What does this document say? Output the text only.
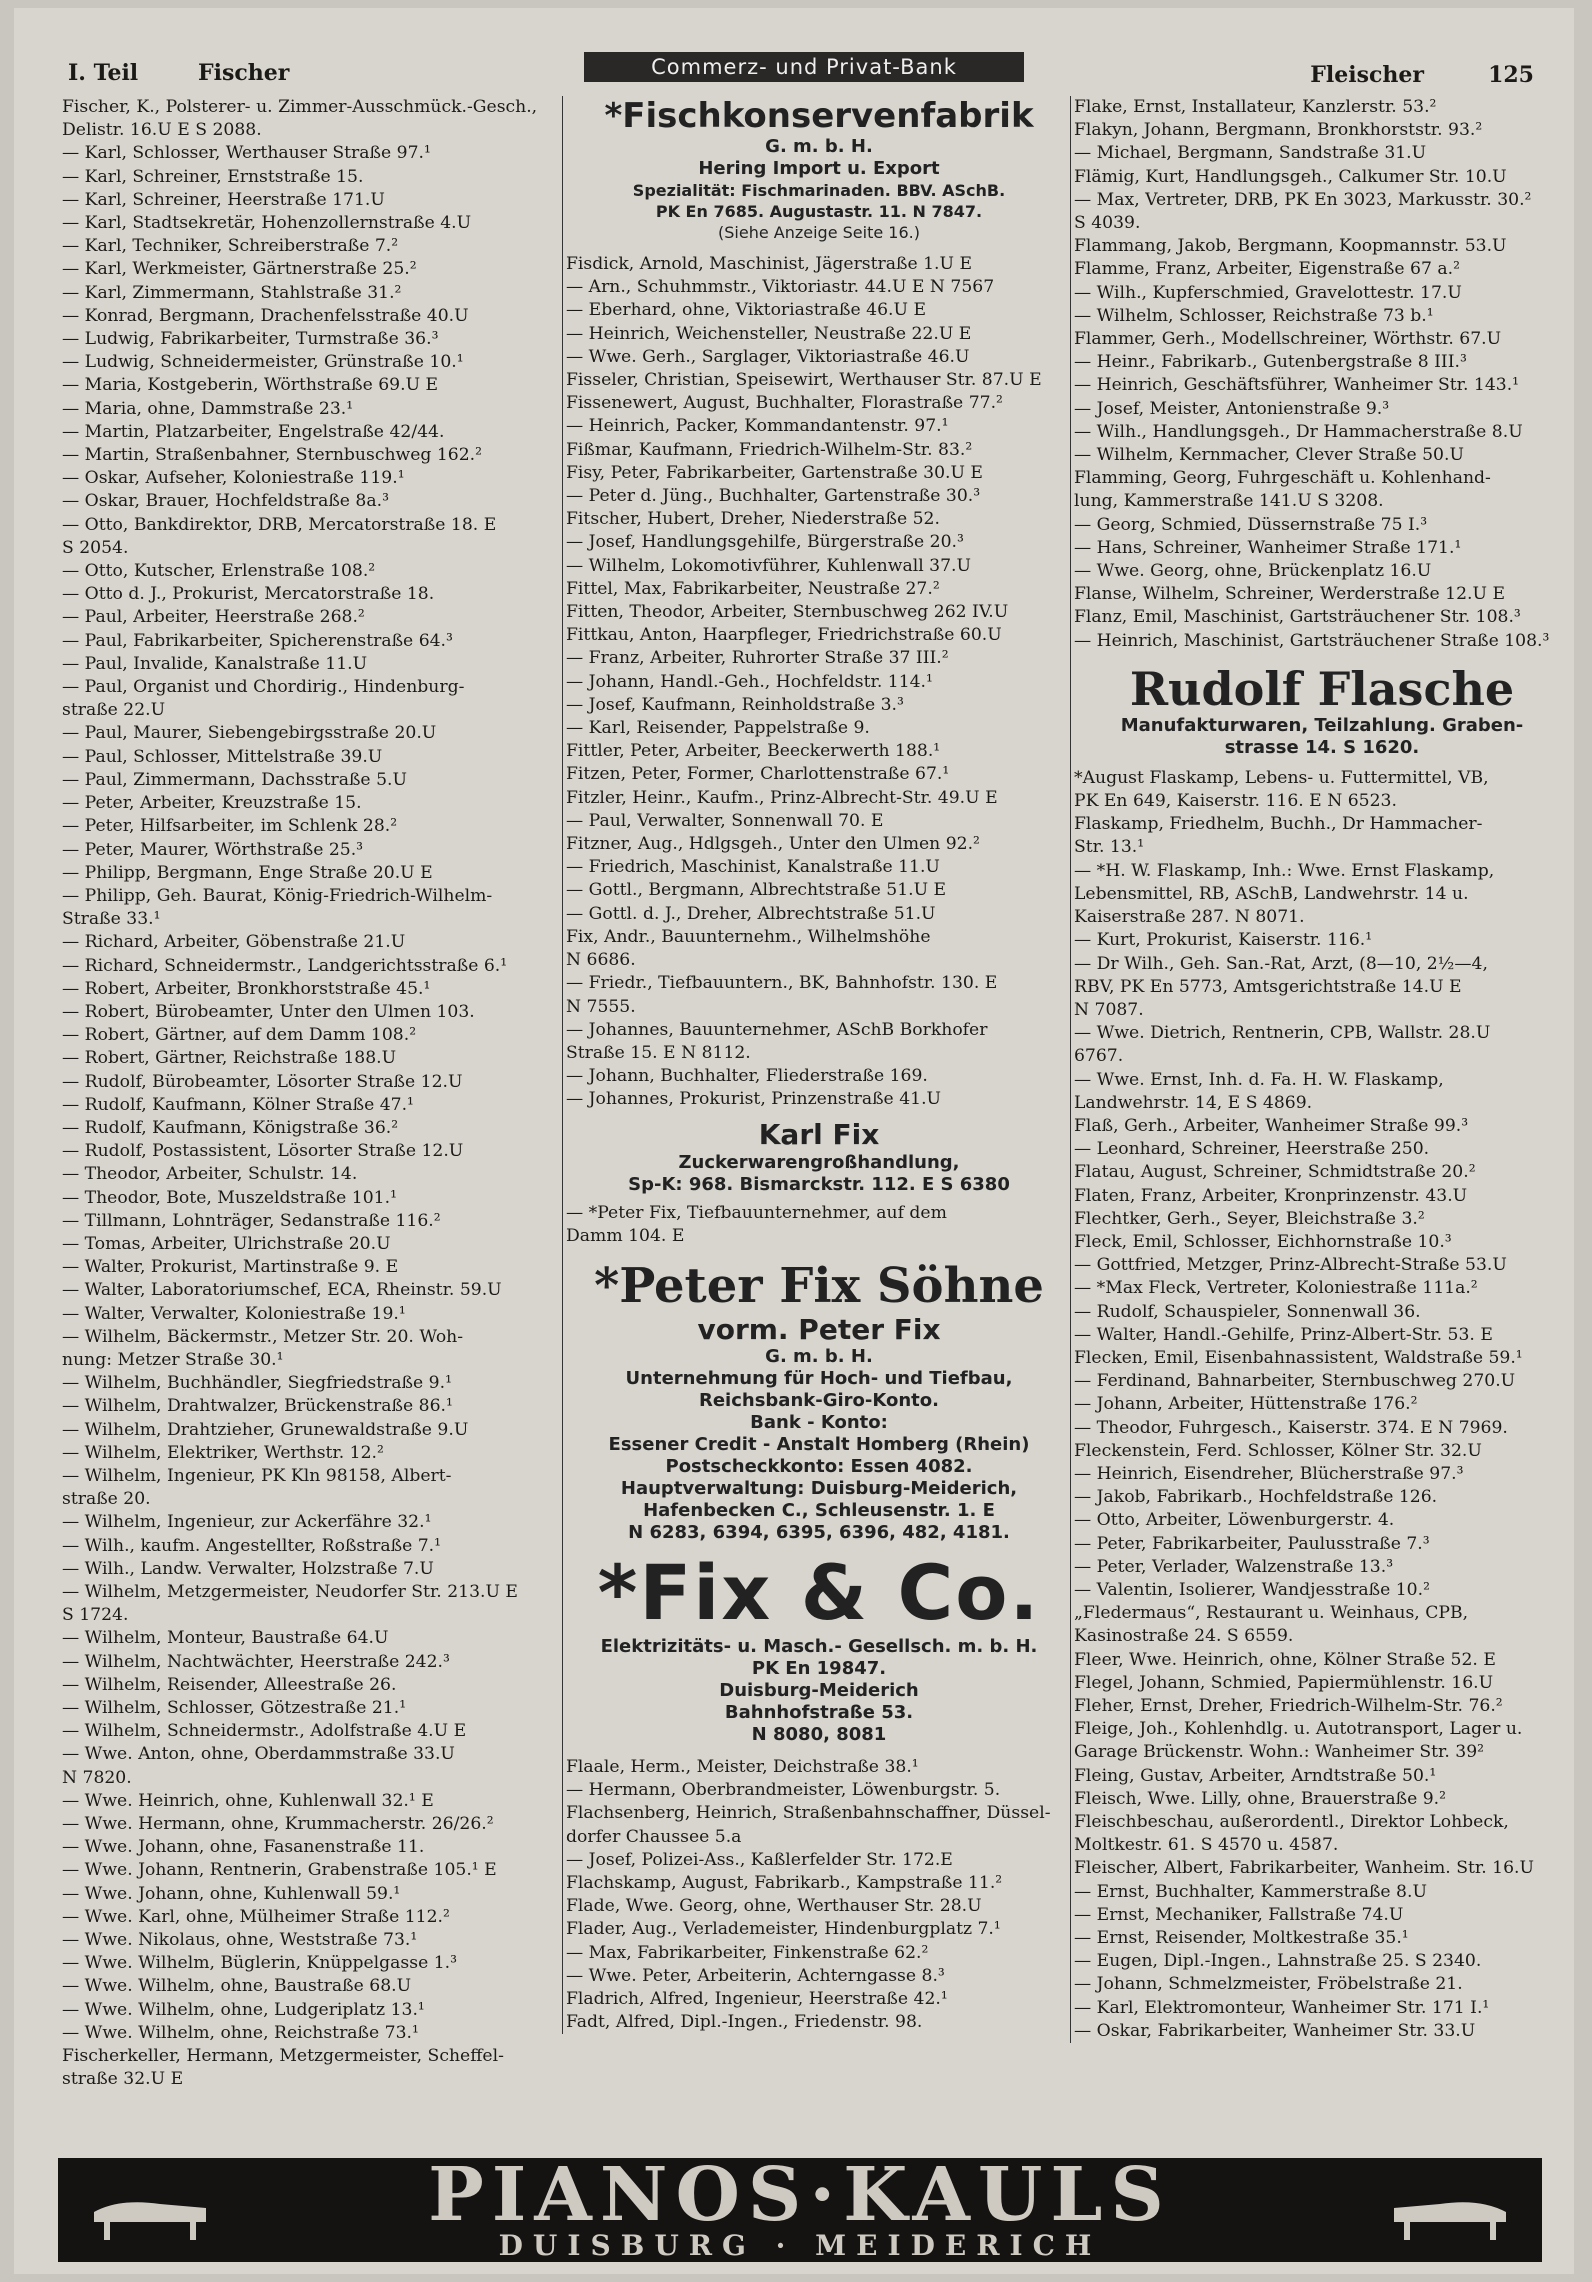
I. Teil	Fischer	Fleischer	125
Commerz- und Privat-Bank
Fischer, K., Polsterer- u. Zimmer-Ausschmück.-Gesch.,
Delistr. 16.U E S 2088.
— Karl, Schlosser, Werthauser Straße 97.¹
— Karl, Schreiner, Ernststraße 15.
— Karl, Schreiner, Heerstraße 171.U
— Karl, Stadtsekretär, Hohenzollernstraße 4.U
— Karl, Techniker, Schreiberstraße 7.²
— Karl, Werkmeister, Gärtnerstraße 25.²
— Karl, Zimmermann, Stahlstraße 31.²
— Konrad, Bergmann, Drachenfelsstraße 40.U
— Ludwig, Fabrikarbeiter, Turmstraße 36.³
— Ludwig, Schneidermeister, Grünstraße 10.¹
— Maria, Kostgeberin, Wörthstraße 69.U E
— Maria, ohne, Dammstraße 23.¹
— Martin, Platzarbeiter, Engelstraße 42/44.
— Martin, Straßenbahner, Sternbuschweg 162.²
— Oskar, Aufseher, Koloniestraße 119.¹
— Oskar, Brauer, Hochfeldstraße 8a.³
— Otto, Bankdirektor, DRB, Mercatorstraße 18. E
S 2054.
— Otto, Kutscher, Erlenstraße 108.²
— Otto d. J., Prokurist, Mercatorstraße 18.
— Paul, Arbeiter, Heerstraße 268.²
— Paul, Fabrikarbeiter, Spicherenstraße 64.³
— Paul, Invalide, Kanalstraße 11.U
— Paul, Organist und Chordirig., Hindenburg-
straße 22.U
— Paul, Maurer, Siebengebirgsstraße 20.U
— Paul, Schlosser, Mittelstraße 39.U
— Paul, Zimmermann, Dachsstraße 5.U
— Peter, Arbeiter, Kreuzstraße 15.
— Peter, Hilfsarbeiter, im Schlenk 28.²
— Peter, Maurer, Wörthstraße 25.³
— Philipp, Bergmann, Enge Straße 20.U E
— Philipp, Geh. Baurat, König-Friedrich-Wilhelm-
Straße 33.¹
— Richard, Arbeiter, Göbenstraße 21.U
— Richard, Schneidermstr., Landgerichtsstraße 6.¹
— Robert, Arbeiter, Bronkhorststraße 45.¹
— Robert, Bürobeamter, Unter den Ulmen 103.
— Robert, Gärtner, auf dem Damm 108.²
— Robert, Gärtner, Reichstraße 188.U
— Rudolf, Bürobeamter, Lösorter Straße 12.U
— Rudolf, Kaufmann, Kölner Straße 47.¹
— Rudolf, Kaufmann, Königstraße 36.²
— Rudolf, Postassistent, Lösorter Straße 12.U
— Theodor, Arbeiter, Schulstr. 14.
— Theodor, Bote, Muszeldstraße 101.¹
— Tillmann, Lohnträger, Sedanstraße 116.²
— Tomas, Arbeiter, Ulrichstraße 20.U
— Walter, Prokurist, Martinstraße 9. E
— Walter, Laboratoriumschef, ECA, Rheinstr. 59.U
— Walter, Verwalter, Koloniestraße 19.¹
— Wilhelm, Bäckermstr., Metzer Str. 20. Woh-
nung: Metzer Straße 30.¹
— Wilhelm, Buchhändler, Siegfriedstraße 9.¹
— Wilhelm, Drahtwalzer, Brückenstraße 86.¹
— Wilhelm, Drahtzieher, Grunewaldstraße 9.U
— Wilhelm, Elektriker, Werthstr. 12.²
— Wilhelm, Ingenieur, PK Kln 98158, Albert-
straße 20.
— Wilhelm, Ingenieur, zur Ackerfähre 32.¹
— Wilh., kaufm. Angestellter, Roßstraße 7.¹
— Wilh., Landw. Verwalter, Holzstraße 7.U
— Wilhelm, Metzgermeister, Neudorfer Str. 213.U E
S 1724.
— Wilhelm, Monteur, Baustraße 64.U
— Wilhelm, Nachtwächter, Heerstraße 242.³
— Wilhelm, Reisender, Alleestraße 26.
— Wilhelm, Schlosser, Götzestraße 21.¹
— Wilhelm, Schneidermstr., Adolfstraße 4.U E
— Wwe. Anton, ohne, Oberdammstraße 33.U
N 7820.
— Wwe. Heinrich, ohne, Kuhlenwall 32.¹ E
— Wwe. Hermann, ohne, Krummacherstr. 26/26.²
— Wwe. Johann, ohne, Fasanenstraße 11.
— Wwe. Johann, Rentnerin, Grabenstraße 105.¹ E
— Wwe. Johann, ohne, Kuhlenwall 59.¹
— Wwe. Karl, ohne, Mülheimer Straße 112.²
— Wwe. Nikolaus, ohne, Weststraße 73.¹
— Wwe. Wilhelm, Büglerin, Knüppelgasse 1.³
— Wwe. Wilhelm, ohne, Baustraße 68.U
— Wwe. Wilhelm, ohne, Ludgeriplatz 13.¹
— Wwe. Wilhelm, ohne, Reichstraße 73.¹
Fischerkeller, Hermann, Metzgermeister, Scheffel-
straße 32.U E
*Fischkonservenfabrik
G. m. b. H.
Hering Import u. Export
Spezialität: Fischmarinaden. BBV. ASchB.
PK En 7685. Augustastr. 11. N 7847.
(Siehe Anzeige Seite 16.)
Fisdick, Arnold, Maschinist, Jägerstraße 1.U E
— Arn., Schuhmmstr., Viktoriastr. 44.U E N 7567
— Eberhard, ohne, Viktoriastraße 46.U E
— Heinrich, Weichensteller, Neustraße 22.U E
— Wwe. Gerh., Sarglager, Viktoriastraße 46.U
Fisseler, Christian, Speisewirt, Werthauser Str. 87.U E
Fissenewert, August, Buchhalter, Florastraße 77.²
— Heinrich, Packer, Kommandantenstr. 97.¹
Fißmar, Kaufmann, Friedrich-Wilhelm-Str. 83.²
Fisy, Peter, Fabrikarbeiter, Gartenstraße 30.U E
— Peter d. Jüng., Buchhalter, Gartenstraße 30.³
Fitscher, Hubert, Dreher, Niederstraße 52.
— Josef, Handlungsgehilfe, Bürgerstraße 20.³
— Wilhelm, Lokomotivführer, Kuhlenwall 37.U
Fittel, Max, Fabrikarbeiter, Neustraße 27.²
Fitten, Theodor, Arbeiter, Sternbuschweg 262 IV.U
Fittkau, Anton, Haarpfleger, Friedrichstraße 60.U
— Franz, Arbeiter, Ruhrorter Straße 37 III.²
— Johann, Handl.-Geh., Hochfeldstr. 114.¹
— Josef, Kaufmann, Reinholdstraße 3.³
— Karl, Reisender, Pappelstraße 9.
Fittler, Peter, Arbeiter, Beeckerwerth 188.¹
Fitzen, Peter, Former, Charlottenstraße 67.¹
Fitzler, Heinr., Kaufm., Prinz-Albrecht-Str. 49.U E
— Paul, Verwalter, Sonnenwall 70. E
Fitzner, Aug., Hdlgsgeh., Unter den Ulmen 92.²
— Friedrich, Maschinist, Kanalstraße 11.U
— Gottl., Bergmann, Albrechtstraße 51.U E
— Gottl. d. J., Dreher, Albrechtstraße 51.U
Fix, Andr., Bauunternehm., Wilhelmshöhe
N 6686.
— Friedr., Tiefbauuntern., BK, Bahnhofstr. 130. E
N 7555.
— Johannes, Bauunternehmer, ASchB Borkhofer
Straße 15. E N 8112.
— Johann, Buchhalter, Fliederstraße 169.
— Johannes, Prokurist, Prinzenstraße 41.U
Karl Fix
Zuckerwarengroßhandlung,
Sp-K: 968. Bismarckstr. 112. E S 6380
— *Peter Fix, Tiefbauunternehmer, auf dem
Damm 104. E
*Peter Fix Söhne
vorm. Peter Fix
G. m. b. H.
Unternehmung für Hoch- und Tiefbau,
Reichsbank-Giro-Konto.
Bank - Konto:
Essener Credit - Anstalt Homberg (Rhein)
Postscheckkonto: Essen 4082.
Hauptverwaltung: Duisburg-Meiderich,
Hafenbecken C., Schleusenstr. 1. E
N 6283, 6394, 6395, 6396, 482, 4181.
*Fix & Co.
Elektrizitäts- u. Masch.- Gesellsch. m. b. H.
PK En 19847.
Duisburg-Meiderich
Bahnhofstraße 53.
N 8080, 8081
Flaale, Herm., Meister, Deichstraße 38.¹
— Hermann, Oberbrandmeister, Löwenburgstr. 5.
Flachsenberg, Heinrich, Straßenbahnschaffner, Düssel-
dorfer Chaussee 5.a
— Josef, Polizei-Ass., Kaßlerfelder Str. 172.E
Flachskamp, August, Fabrikarb., Kampstraße 11.²
Flade, Wwe. Georg, ohne, Werthauser Str. 28.U
Flader, Aug., Verlademeister, Hindenburgplatz 7.¹
— Max, Fabrikarbeiter, Finkenstraße 62.²
— Wwe. Peter, Arbeiterin, Achterngasse 8.³
Fladrich, Alfred, Ingenieur, Heerstraße 42.¹
Fadt, Alfred, Dipl.-Ingen., Friedenstr. 98.
Flake, Ernst, Installateur, Kanzlerstr. 53.²
Flakyn, Johann, Bergmann, Bronkhorststr. 93.²
— Michael, Bergmann, Sandstraße 31.U
Flämig, Kurt, Handlungsgeh., Calkumer Str. 10.U
— Max, Vertreter, DRB, PK En 3023, Markusstr. 30.²
S 4039.
Flammang, Jakob, Bergmann, Koopmannstr. 53.U
Flamme, Franz, Arbeiter, Eigenstraße 67 a.²
— Wilh., Kupferschmied, Gravelottestr. 17.U
— Wilhelm, Schlosser, Reichstraße 73 b.¹
Flammer, Gerh., Modellschreiner, Wörthstr. 67.U
— Heinr., Fabrikarb., Gutenbergstraße 8 III.³
— Heinrich, Geschäftsführer, Wanheimer Str. 143.¹
— Josef, Meister, Antonienstraße 9.³
— Wilh., Handlungsgeh., Dr Hammacherstraße 8.U
— Wilhelm, Kernmacher, Clever Straße 50.U
Flamming, Georg, Fuhrgeschäft u. Kohlenhand-
lung, Kammerstraße 141.U S 3208.
— Georg, Schmied, Düssernstraße 75 I.³
— Hans, Schreiner, Wanheimer Straße 171.¹
— Wwe. Georg, ohne, Brückenplatz 16.U
Flanse, Wilhelm, Schreiner, Werderstraße 12.U E
Flanz, Emil, Maschinist, Gartsträuchener Str. 108.³
— Heinrich, Maschinist, Gartsträuchener Straße 108.³
Rudolf Flasche
Manufakturwaren, Teilzahlung. Graben-
strasse 14. S 1620.
*August Flaskamp, Lebens- u. Futtermittel, VB,
PK En 649, Kaiserstr. 116. E N 6523.
Flaskamp, Friedhelm, Buchh., Dr Hammacher-
Str. 13.¹
— *H. W. Flaskamp, Inh.: Wwe. Ernst Flaskamp,
Lebensmittel, RB, ASchB, Landwehrstr. 14 u.
Kaiserstraße 287. N 8071.
— Kurt, Prokurist, Kaiserstr. 116.¹
— Dr Wilh., Geh. San.-Rat, Arzt, (8—10, 2½—4,
RBV, PK En 5773, Amtsgerichtstraße 14.U E
N 7087.
— Wwe. Dietrich, Rentnerin, CPB, Wallstr. 28.U
6767.
— Wwe. Ernst, Inh. d. Fa. H. W. Flaskamp,
Landwehrstr. 14, E S 4869.
Flaß, Gerh., Arbeiter, Wanheimer Straße 99.³
— Leonhard, Schreiner, Heerstraße 250.
Flatau, August, Schreiner, Schmidtstraße 20.²
Flaten, Franz, Arbeiter, Kronprinzenstr. 43.U
Flechtker, Gerh., Seyer, Bleichstraße 3.²
Fleck, Emil, Schlosser, Eichhornstraße 10.³
— Gottfried, Metzger, Prinz-Albrecht-Straße 53.U
— *Max Fleck, Vertreter, Koloniestraße 111a.²
— Rudolf, Schauspieler, Sonnenwall 36.
— Walter, Handl.-Gehilfe, Prinz-Albert-Str. 53. E
Flecken, Emil, Eisenbahnassistent, Waldstraße 59.¹
— Ferdinand, Bahnarbeiter, Sternbuschweg 270.U
— Johann, Arbeiter, Hüttenstraße 176.²
— Theodor, Fuhrgesch., Kaiserstr. 374. E N 7969.
Fleckenstein, Ferd. Schlosser, Kölner Str. 32.U
— Heinrich, Eisendreher, Blücherstraße 97.³
— Jakob, Fabrikarb., Hochfeldstraße 126.
— Otto, Arbeiter, Löwenburgerstr. 4.
— Peter, Fabrikarbeiter, Paulusstraße 7.³
— Peter, Verlader, Walzenstraße 13.³
— Valentin, Isolierer, Wandjesstraße 10.²
„Fledermaus“, Restaurant u. Weinhaus, CPB,
Kasinostraße 24. S 6559.
Fleer, Wwe. Heinrich, ohne, Kölner Straße 52. E
Flegel, Johann, Schmied, Papiermühlenstr. 16.U
Fleher, Ernst, Dreher, Friedrich-Wilhelm-Str. 76.²
Fleige, Joh., Kohlenhdlg. u. Autotransport, Lager u.
Garage Brückenstr. Wohn.: Wanheimer Str. 39²
Fleing, Gustav, Arbeiter, Arndtstraße 50.¹
Fleisch, Wwe. Lilly, ohne, Brauerstraße 9.²
Fleischbeschau, außerordentl., Direktor Lohbeck,
Moltkestr. 61. S 4570 u. 4587.
Fleischer, Albert, Fabrikarbeiter, Wanheim. Str. 16.U
— Ernst, Buchhalter, Kammerstraße 8.U
— Ernst, Mechaniker, Fallstraße 74.U
— Ernst, Reisender, Moltkestraße 35.¹
— Eugen, Dipl.-Ingen., Lahnstraße 25. S 2340.
— Johann, Schmelzmeister, Fröbelstraße 21.
— Karl, Elektromonteur, Wanheimer Str. 171 I.¹
— Oskar, Fabrikarbeiter, Wanheimer Str. 33.U
PIANOS·KAULS
DUISBURG · MEIDERICH
